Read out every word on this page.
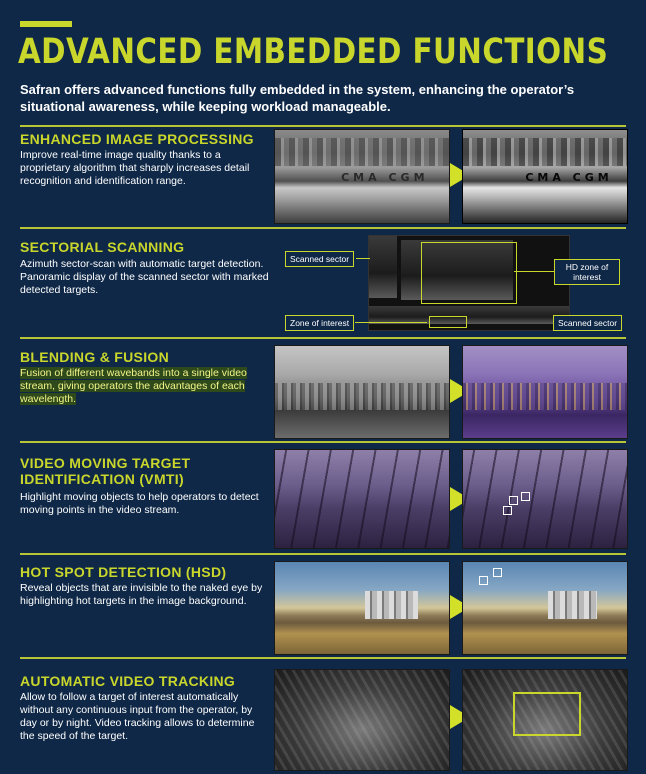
ADVANCED EMBEDDED FUNCTIONS

Safran offers advanced functions fully embedded in the system, enhancing the operator’s situational awareness, while keeping workload manageable.

ENHANCED IMAGE PROCESSING

Improve real-time image quality thanks to a proprietary algorithm that sharply increases detail recognition and identification range.	CMA CGM	CMA CGM
SECTORIAL SCANNING

Azimuth sector-scan with automatic target detection. Panoramic display of the scanned sector with marked detected targets.

Scanned sector
HD zone of interest
Zone of interest	Scanned sector
BLENDING & FUSION

Fusion of different wavebands into a single video stream, giving operators the advantages of each wavelength.

VIDEO MOVING TARGET IDENTIFICATION (VMTI)

Highlight moving objects to help operators to detect moving points in the video stream.

HOT SPOT DETECTION (HSD)

Reveal objects that are invisible to the naked eye by highlighting hot targets in the image background.

AUTOMATIC VIDEO TRACKING

Allow to follow a target of interest automatically without any continuous input from the operator, by day or by night. Video tracking allows to determine the speed of the target.
